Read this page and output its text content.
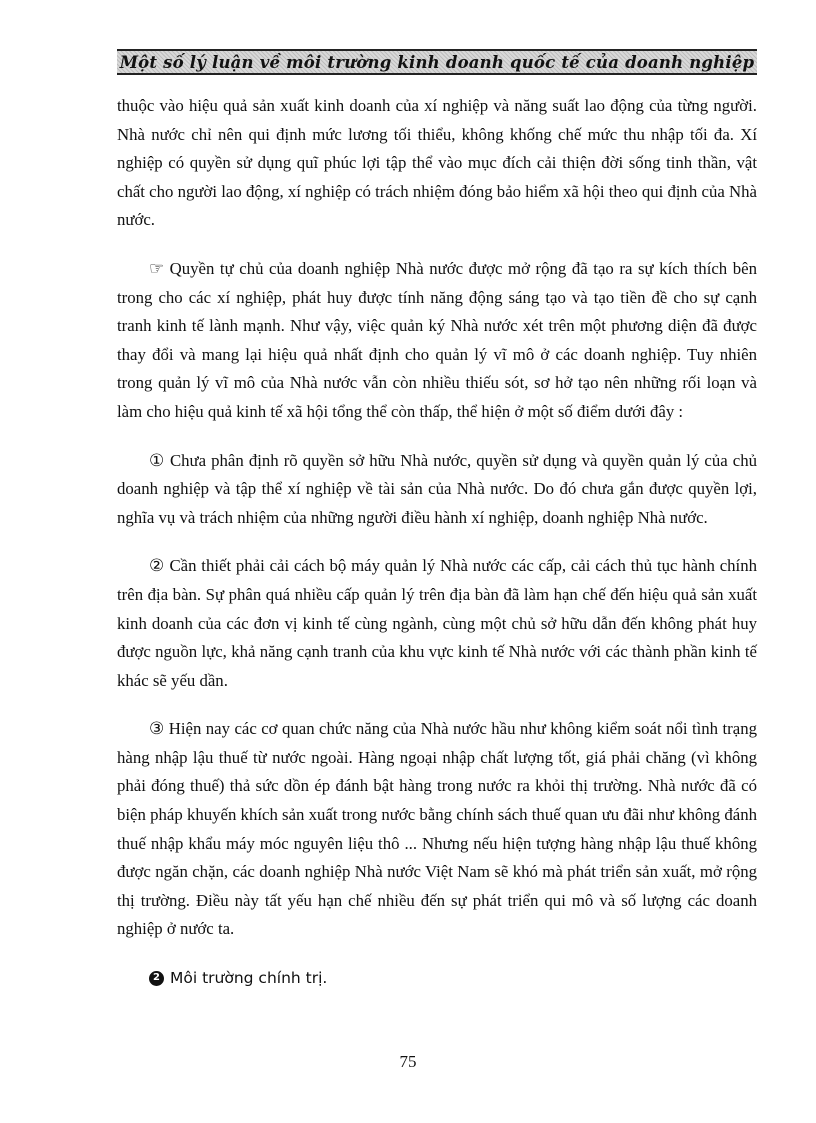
Một số lý luận về môi trường kinh doanh quốc tế của doanh nghiệp

thuộc vào hiệu quả sản xuất kinh doanh của xí nghiệp và năng suất lao động của từng người. Nhà nước chỉ nên qui định mức lương tối thiểu, không khống chế mức thu nhập tối đa. Xí nghiệp có quyền sử dụng quĩ phúc lợi tập thể vào mục đích cải thiện đời sống tinh thần, vật chất cho người lao động, xí nghiệp có trách nhiệm đóng bảo hiểm xã hội theo qui định của Nhà nước.

☞ Quyền tự chủ của doanh nghiệp Nhà nước được mở rộng đã tạo ra sự kích thích bên trong cho các xí nghiệp, phát huy được tính năng động sáng tạo và tạo tiền đề cho sự cạnh tranh kinh tế lành mạnh. Như vậy, việc quản ký Nhà nước xét trên một phương diện đã được thay đổi và mang lại hiệu quả nhất định cho quản lý vĩ mô ở các doanh nghiệp. Tuy nhiên trong quản lý vĩ mô của Nhà nước vẫn còn nhiều thiếu sót, sơ hở tạo nên những rối loạn và làm cho hiệu quả kinh tế xã hội tổng thể còn thấp, thể hiện ở một số điểm dưới đây :

① Chưa phân định rõ quyền sở hữu Nhà nước, quyền sử dụng và quyền quản lý của chủ doanh nghiệp và tập thể xí nghiệp về tài sản của Nhà nước. Do đó chưa gắn được quyền lợi, nghĩa vụ và trách nhiệm của những người điều hành xí nghiệp, doanh nghiệp Nhà nước.

② Cần thiết phải cải cách bộ máy quản lý Nhà nước các cấp, cải cách thủ tục hành chính trên địa bàn. Sự phân quá nhiều cấp quản lý trên địa bàn đã làm hạn chế đến hiệu quả sản xuất kinh doanh của các đơn vị kinh tế cùng ngành, cùng một chủ sở hữu dẫn đến không phát huy được nguồn lực, khả năng cạnh tranh của khu vực kinh tế Nhà nước với các thành phần kinh tế khác sẽ yếu dần.

③ Hiện nay các cơ quan chức năng của Nhà nước hầu như không kiểm soát nổi tình trạng hàng nhập lậu thuế từ nước ngoài. Hàng ngoại nhập chất lượng tốt, giá phải chăng (vì không phải đóng thuế) thả sức dồn ép đánh bật hàng trong nước ra khỏi thị trường. Nhà nước đã có biện pháp khuyến khích sản xuất trong nước bằng chính sách thuế quan ưu đãi như không đánh thuế nhập khẩu máy móc nguyên liệu thô ... Nhưng nếu hiện tượng hàng nhập lậu thuế không được ngăn chặn, các doanh nghiệp Nhà nước Việt Nam sẽ khó mà phát triển sản xuất, mở rộng thị trường. Điều này tất yếu hạn chế nhiều đến sự phát triển qui mô và số lượng các doanh nghiệp ở nước ta.

2 Môi trường chính trị.
75
